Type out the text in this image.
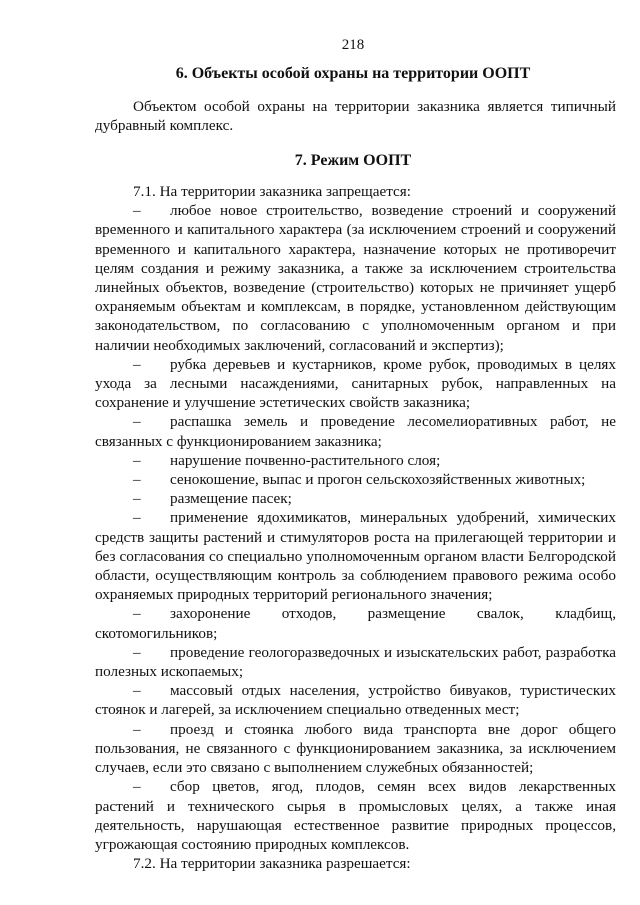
218
6. Объекты особой охраны на территории ООПТ

Объектом особой охраны на территории заказника является типичный дубравный комплекс.

7. Режим ООПТ

7.1. На территории заказника запрещается:

– любое новое строительство, возведение строений и сооружений временного и капитального характера (за исключением строений и сооружений временного и капитального характера, назначение которых не противоречит целям создания и режиму заказника, а также за исключением строительства линейных объектов, возведение (строительство) которых не причиняет ущерб охраняемым объектам и комплексам, в порядке, установленном действующим законодательством, по согласованию с уполномоченным органом и при наличии необходимых заключений, согласований и экспертиз);

– рубка деревьев и кустарников, кроме рубок, проводимых в целях ухода за лесными насаждениями, санитарных рубок, направленных на сохранение и улучшение эстетических свойств заказника;

– распашка земель и проведение лесомелиоративных работ, не связанных с функционированием заказника;

– нарушение почвенно-растительного слоя;

– сенокошение, выпас и прогон сельскохозяйственных животных;

– размещение пасек;

– применение ядохимикатов, минеральных удобрений, химических средств защиты растений и стимуляторов роста на прилегающей территории и без согласования со специально уполномоченным органом власти Белгородской области, осуществляющим контроль за соблюдением правового режима особо охраняемых природных территорий регионального значения;

– захоронение отходов, размещение свалок, кладбищ, скотомогильников;

– проведение геологоразведочных и изыскательских работ, разработка полезных ископаемых;

– массовый отдых населения, устройство бивуаков, туристических стоянок и лагерей, за исключением специально отведенных мест;

– проезд и стоянка любого вида транспорта вне дорог общего пользования, не связанного с функционированием заказника, за исключением случаев, если это связано с выполнением служебных обязанностей;

– сбор цветов, ягод, плодов, семян всех видов лекарственных растений и технического сырья в промысловых целях, а также иная деятельность, нарушающая естественное развитие природных процессов, угрожающая состоянию природных комплексов.

7.2. На территории заказника разрешается:
